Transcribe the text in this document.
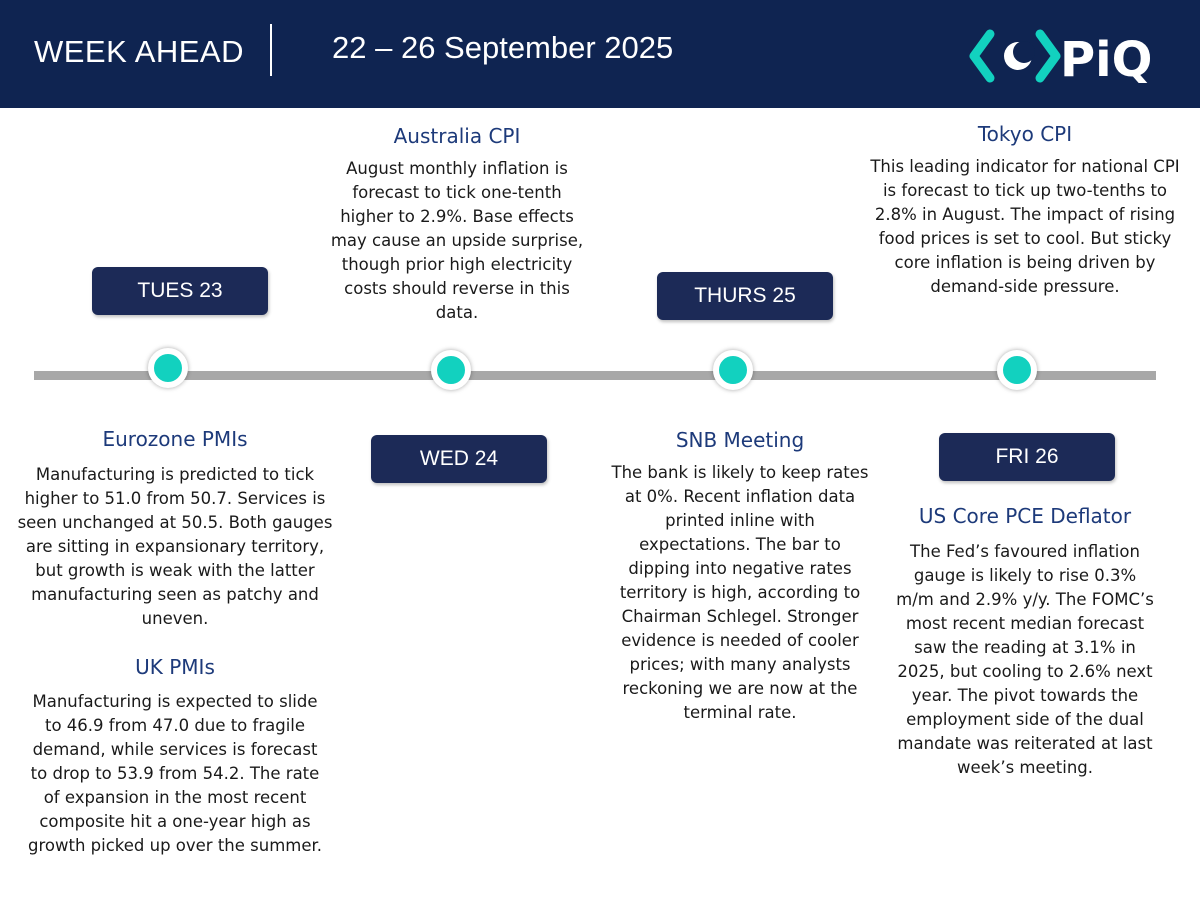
WEEK AHEAD	22 – 26 September 2025	PiQ
TUES 23
WED 24
THURS 25
FRI 26
Eurozone PMIs
Manufacturing is predicted to tick higher to 51.0 from 50.7. Services is seen unchanged at 50.5. Both gauges are sitting in expansionary territory, but growth is weak with the latter manufacturing seen as patchy and uneven.
UK PMIs
Manufacturing is expected to slide to 46.9 from 47.0 due to fragile demand, while services is forecast to drop to 53.9 from 54.2. The rate of expansion in the most recent composite hit a one-year high as growth picked up over the summer.
Australia CPI
August monthly inflation is forecast to tick one-tenth higher to 2.9%. Base effects may cause an upside surprise, though prior high electricity costs should reverse in this data.
SNB Meeting
The bank is likely to keep rates at 0%. Recent inflation data printed inline with expectations. The bar to dipping into negative rates territory is high, according to Chairman Schlegel. Stronger evidence is needed of cooler prices; with many analysts reckoning we are now at the terminal rate.
Tokyo CPI
This leading indicator for national CPI is forecast to tick up two-tenths to 2.8% in August. The impact of rising food prices is set to cool. But sticky core inflation is being driven by demand-side pressure.
US Core PCE Deflator
The Fed’s favoured inflation gauge is likely to rise 0.3% m/m and 2.9% y/y. The FOMC’s most recent median forecast saw the reading at 3.1% in 2025, but cooling to 2.6% next year. The pivot towards the employment side of the dual mandate was reiterated at last week’s meeting.
